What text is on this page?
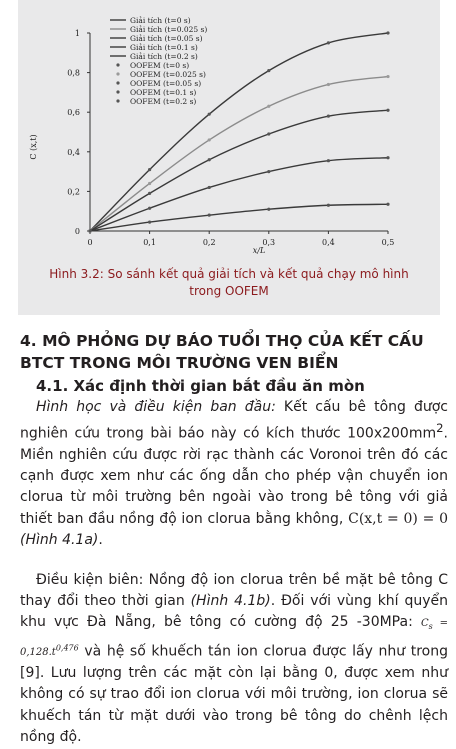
0	0,1	0,2	0,3	0,4	0,5
0
0,2
0,4
0,6
0,8
1
x/L
C (x,t)
Giải tích (t=0 s)
Giải tích (t=0.025 s)
Giải tích (t=0.05 s)
Giải tích (t=0.1 s)
Giải tích (t=0.2 s)
OOFEM (t=0 s)
OOFEM (t=0.025 s)
OOFEM (t=0.05 s)
OOFEM (t=0.1 s)
OOFEM (t=0.2 s)
Hình 3.2: So sánh kết quả giải tích và kết quả chạy mô hình
trong OOFEM
4. MÔ PHỎNG DỰ BÁO TUỔI THỌ CỦA KẾT CẤU
BTCT TRONG MÔI TRƯỜNG VEN BIỂN
4.1. Xác định thời gian bắt đầu ăn mòn

Hình học và điều kiện ban đầu: Kết cấu bê tông được nghiên cứu trong bài báo này có kích thước $100x200mm^2$. Miền nghiên cứu được rời rạc thành các Voronoi trên đó các cạnh được xem như các ống dẫn cho phép vận chuyển ion clorua từ môi trường bên ngoài vào trong bê tông với giả thiết ban đầu nồng độ ion clorua bằng không, C(x,t = 0) = 0 (Hình 4.1a).

Điều kiện biên: Nồng độ ion clorua trên bề mặt bê tông C thay đổi theo thời gian (Hình 4.1b). Đối với vùng khí quyển khu vực Đà Nẵng, bê tông có cường độ 25 -30MPa: $C_s = 0,128.t^{0,476}$ và hệ số khuếch tán ion clorua được lấy như trong [9]. Lưu lượng trên các mặt còn lại bằng 0, được xem như không có sự trao đổi ion clorua với môi trường, ion clorua sẽ khuếch tán từ mặt dưới vào trong bê tông do chênh lệch nồng độ.
